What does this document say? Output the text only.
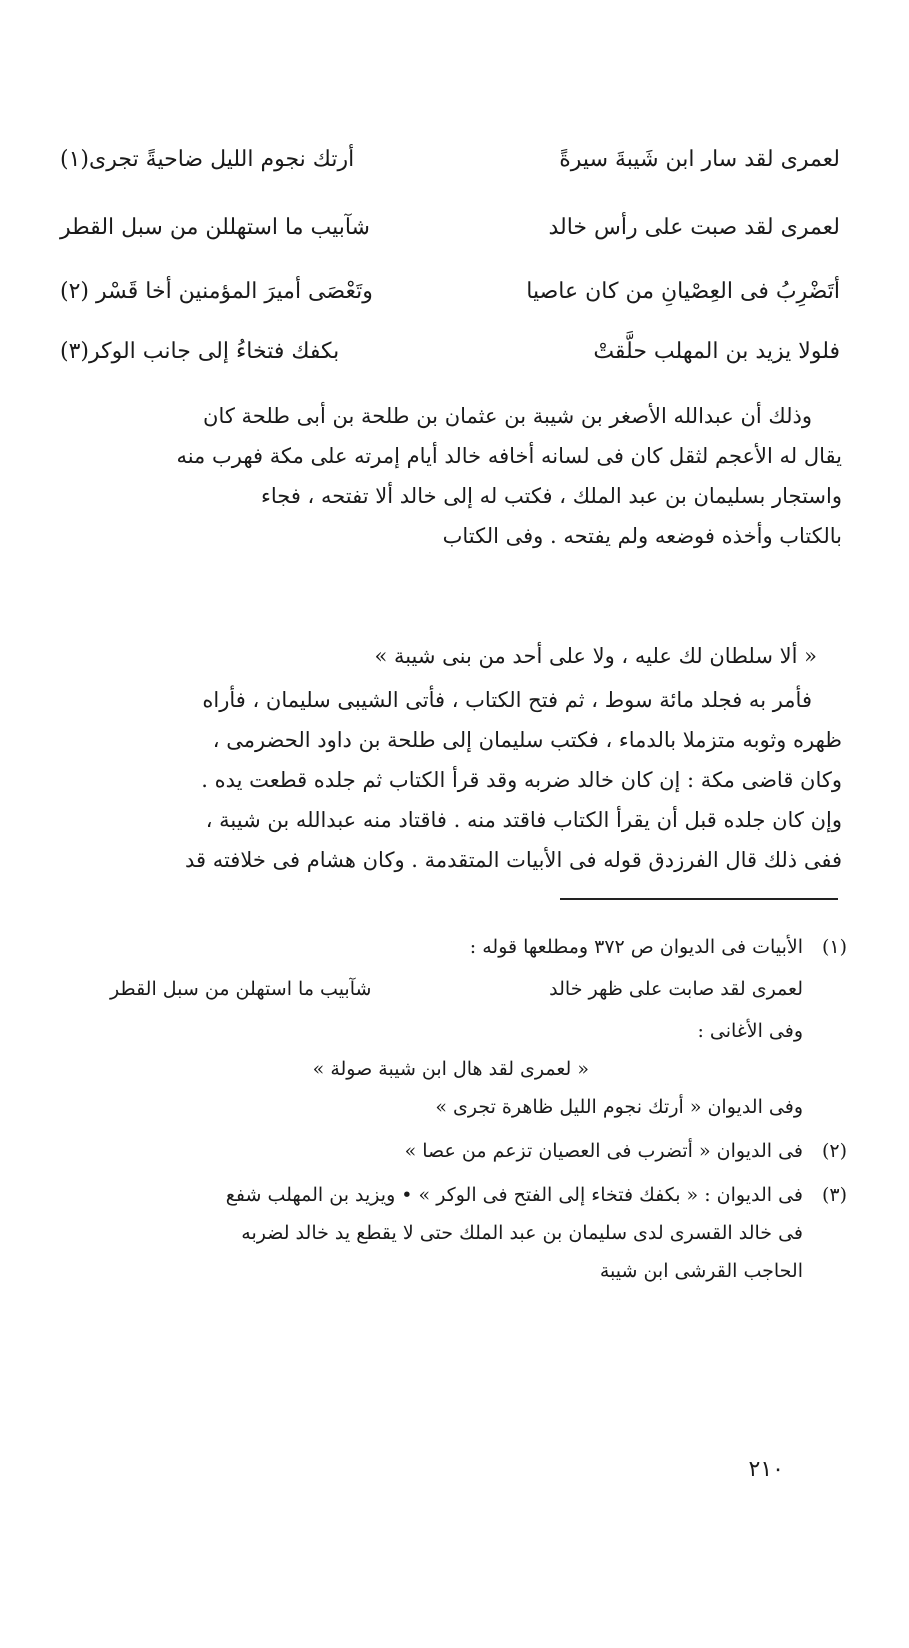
لعمرى لقد سار ابن شَيبةَ سيرةً
أرتك نجوم الليل ضاحيةً تجرى(١)
لعمرى لقد صبت على رأس خالد
شآبيب ما استهللن من سبل القطر
أتَضْرِبُ فى العِصْيانِ من كان عاصيا
وتَعْصَى أميرَ المؤمنين أخا قَسْر (٢)
فلولا يزيد بن المهلب حلَّقتْ
بكفك فتخاءُ إلى جانب الوكر(٣)

وذلك أن عبدالله الأصغر بن شيبة بن عثمان بن طلحة بن أبى طلحة كان

يقال له الأعجم لثقل كان فى لسانه أخافه خالد أيام إمرته على مكة فهرب منه

واستجار بسليمان بن عبد الملك ، فكتب له إلى خالد ألا تفتحه ، فجاء

بالكتاب وأخذه فوضعه ولم يفتحه . وفى الكتاب

« ألا سلطان لك عليه ، ولا على أحد من بنى شيبة »

فأمر به فجلد مائة سوط ، ثم فتح الكتاب ، فأتى الشيبى سليمان ، فأراه

ظهره وثوبه متزملا بالدماء ، فكتب سليمان إلى طلحة بن داود الحضرمى ،

وكان قاضى مكة : إن كان خالد ضربه وقد قرأ الكتاب ثم جلده قطعت يده .

وإن كان جلده قبل أن يقرأ الكتاب فاقتد منه . فاقتاد منه عبدالله بن شيبة ،

ففى ذلك قال الفرزدق قوله فى الأبيات المتقدمة . وكان هشام فى خلافته قد

(١)
الأبيات فى الديوان ص ٣٧٢ ومطلعها قوله :
لعمرى لقد صابت على ظهر خالد
شآبيب ما استهلن من سبل القطر
وفى الأغانى :
« لعمرى لقد هال ابن شيبة صولة »
وفى الديوان « أرتك نجوم الليل ظاهرة تجرى »
(٢)
فى الديوان « أتضرب فى العصيان تزعم من عصا »
(٣)
فى الديوان : « بكفك فتخاء إلى الفتح فى الوكر » • ويزيد بن المهلب شفع
فى خالد القسرى لدى سليمان بن عبد الملك حتى لا يقطع يد خالد لضربه
الحاجب القرشى ابن شيبة
٢١٠
